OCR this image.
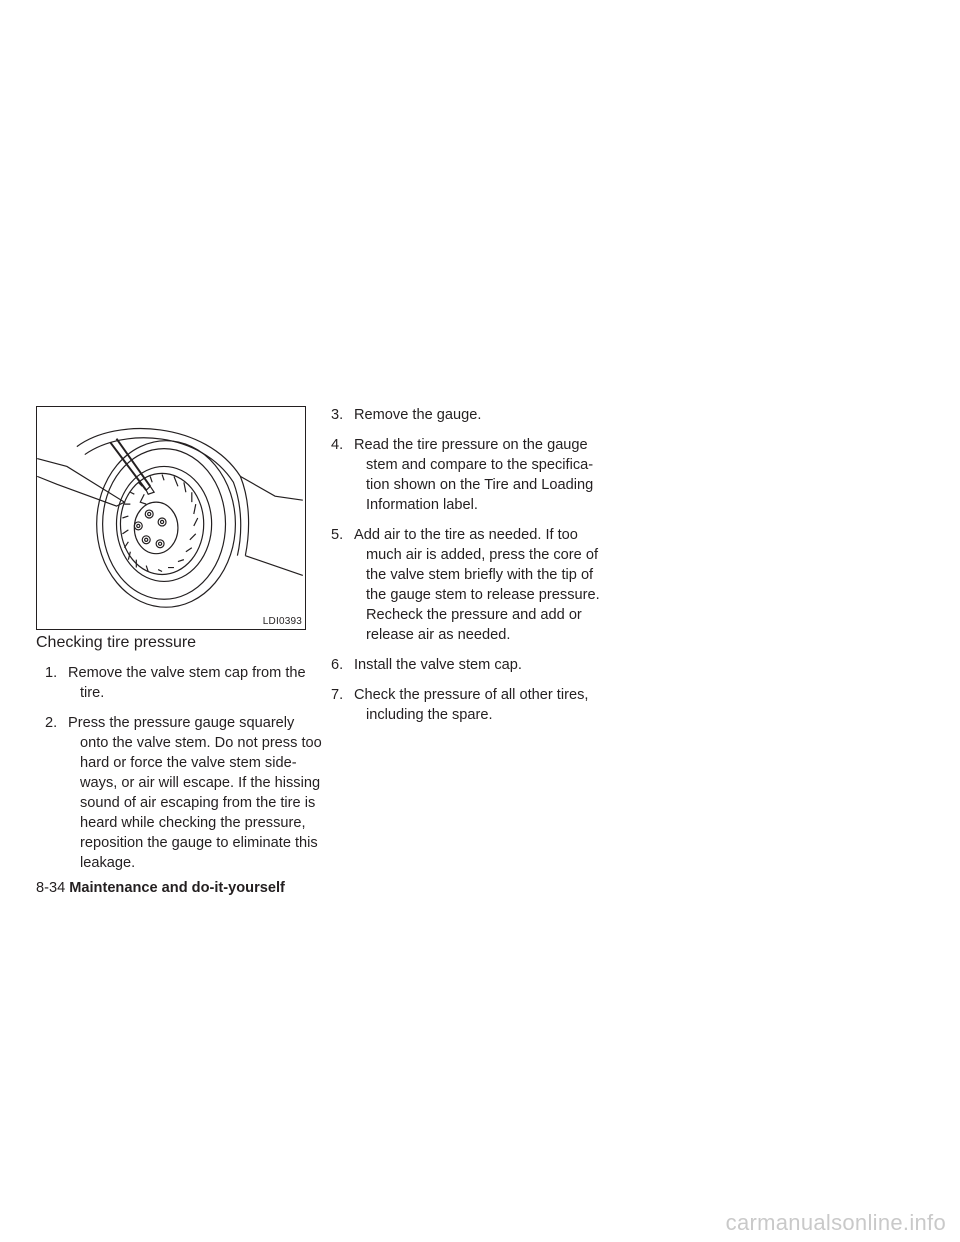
LDI0393
Checking tire pressure
1. Remove the valve stem cap from the
tire.
2. Press the pressure gauge squarely
onto the valve stem. Do not press too
hard or force the valve stem side-
ways, or air will escape. If the hissing
sound of air escaping from the tire is
heard while checking the pressure,
reposition the gauge to eliminate this
leakage.
3. Remove the gauge.
4. Read the tire pressure on the gauge
stem and compare to the specifica-
tion shown on the Tire and Loading
Information label.
5. Add air to the tire as needed. If too
much air is added, press the core of
the valve stem briefly with the tip of
the gauge stem to release pressure.
Recheck the pressure and add or
release air as needed.
6. Install the valve stem cap.
7. Check the pressure of all other tires,
including the spare.
8-34 Maintenance and do-it-yourself
carmanualsonline.info
